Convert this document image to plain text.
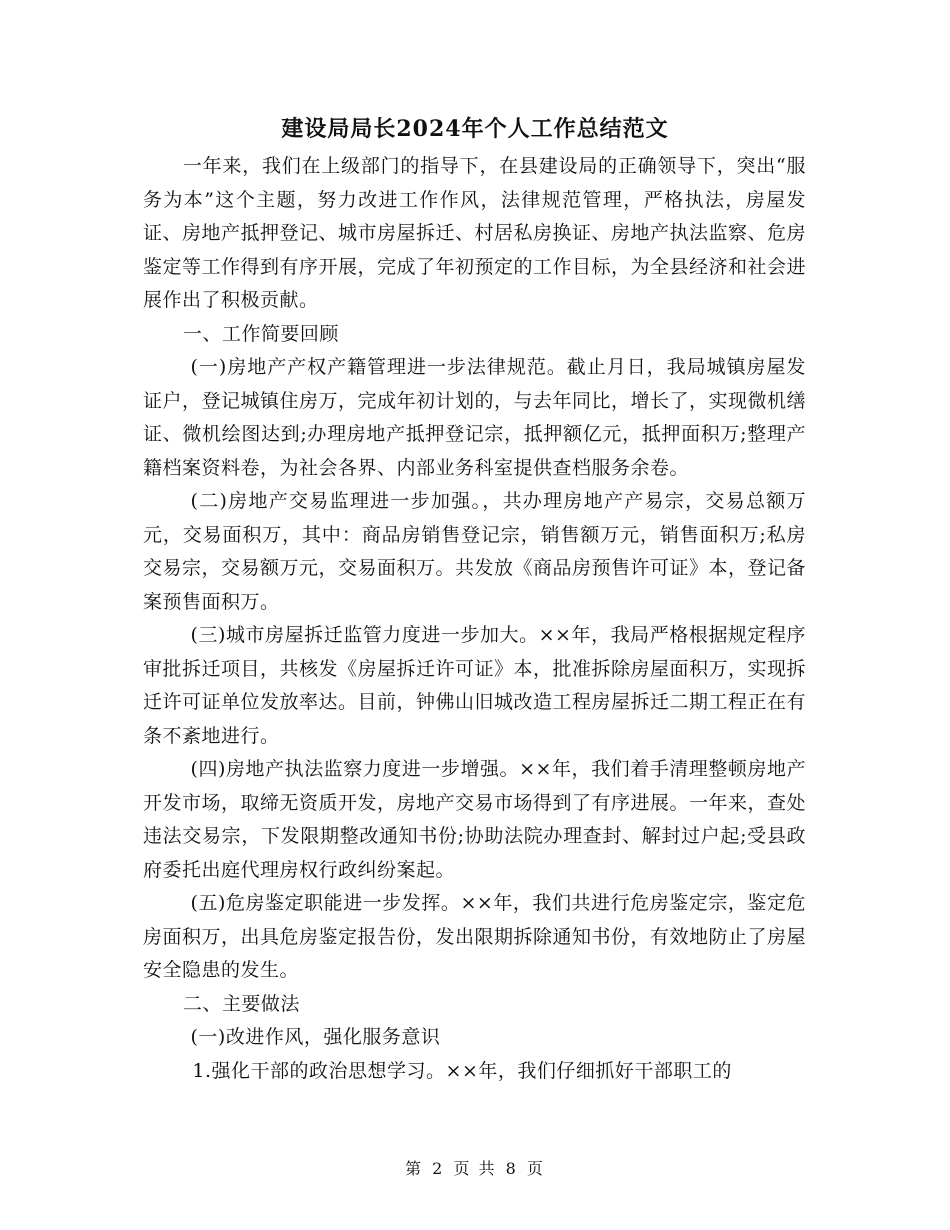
建设局局长2024年个人工作总结范文

一年来，我们在上级部门的指导下，在县建设局的正确领导下，突出“服务为本”这个主题，努力改进工作作风，法律规范管理，严格执法，房屋发证、房地产抵押登记、城市房屋拆迁、村居私房换证、房地产执法监察、危房鉴定等工作得到有序开展，完成了年初预定的工作目标，为全县经济和社会进展作出了积极贡献。

一、工作简要回顾

(一)房地产产权产籍管理进一步法律规范。截止月日，我局城镇房屋发证户，登记城镇住房万，完成年初计划的，与去年同比，增长了，实现微机缮证、微机绘图达到;办理房地产抵押登记宗，抵押额亿元，抵押面积万;整理产籍档案资料卷，为社会各界、内部业务科室提供查档服务余卷。

(二)房地产交易监理进一步加强。，共办理房地产产易宗，交易总额万元，交易面积万，其中：商品房销售登记宗，销售额万元，销售面积万;私房交易宗，交易额万元，交易面积万。共发放《商品房预售许可证》本，登记备案预售面积万。

(三)城市房屋拆迁监管力度进一步加大。××年，我局严格根据规定程序审批拆迁项目，共核发《房屋拆迁许可证》本，批准拆除房屋面积万，实现拆迁许可证单位发放率达。目前，钟佛山旧城改造工程房屋拆迁二期工程正在有条不紊地进行。

(四)房地产执法监察力度进一步增强。××年，我们着手清理整顿房地产开发市场，取缔无资质开发，房地产交易市场得到了有序进展。一年来，查处违法交易宗，下发限期整改通知书份;协助法院办理查封、解封过户起;受县政府委托出庭代理房权行政纠纷案起。

(五)危房鉴定职能进一步发挥。××年，我们共进行危房鉴定宗，鉴定危房面积万，出具危房鉴定报告份，发出限期拆除通知书份，有效地防止了房屋安全隐患的发生。

二、主要做法

(一)改进作风，强化服务意识

1.强化干部的政治思想学习。××年，我们仔细抓好干部职工的

第 2 页 共 8 页
